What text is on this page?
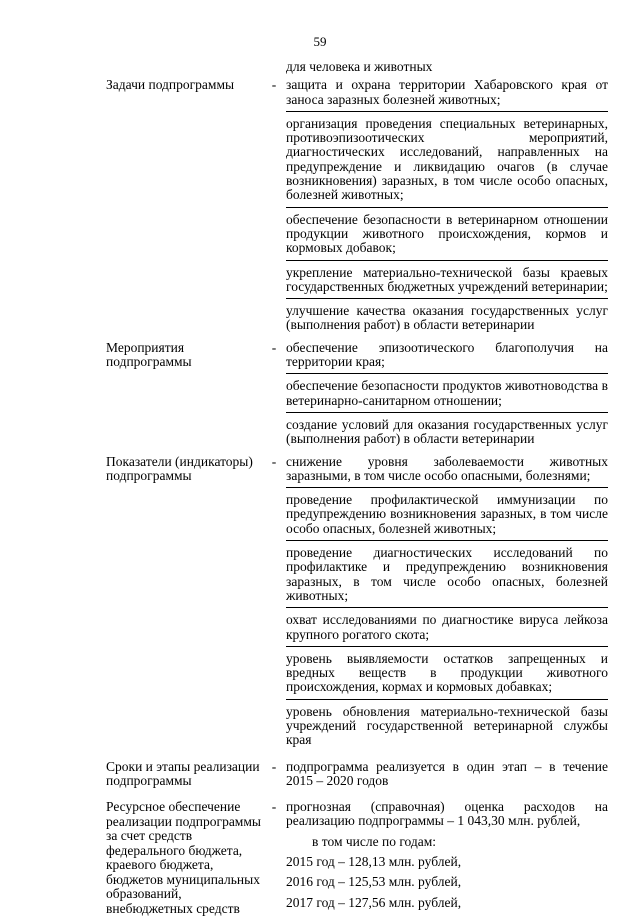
59
для человека и животных
Задачи подпрограммы	- защита и охрана территории Хабаровского края от заноса заразных болезней животных;

организация проведения специальных ветеринарных, противоэпизоотических мероприятий, диагностических исследований, направленных на предупреждение и ликвидацию очагов (в случае возникновения) заразных, в том числе особо опасных, болезней животных;

обеспечение безопасности в ветеринарном отношении продукции животного происхождения, кормов и кормовых добавок;

укрепление материально-технической базы краевых государственных бюджетных учреждений ветеринарии;

улучшение качества оказания государственных услуг (выполнения работ) в области ветеринарии

Мероприятия подпрограммы
- обеспечение эпизоотического благополучия на территории края;

обеспечение безопасности продуктов животноводства в ветеринарно-санитарном отношении;

создание условий для оказания государственных услуг (выполнения работ) в области ветеринарии

Показатели (индикаторы) подпрограммы
- снижение уровня заболеваемости животных заразными, в том числе особо опасными, болезнями;

проведение профилактической иммунизации по предупреждению возникновения заразных, в том числе особо опасных, болезней животных;

проведение диагностических исследований по профилактике и предупреждению возникновения заразных, в том числе особо опасных, болезней животных;

охват исследованиями по диагностике вируса лейкоза крупного рогатого скота;

уровень выявляемости остатков запрещенных и вредных веществ в продукции животного происхождения, кормах и кормовых добавках;

уровень обновления материально-технической базы учреждений государственной ветеринарной службы края

Сроки и этапы реализации подпрограммы
- подпрограмма реализуется в один этап – в течение 2015 – 2020 годов

Ресурсное обеспечение реализации подпрограммы за счет средств федерального бюджета, краевого бюджета, бюджетов муниципальных образований, внебюджетных средств
- прогнозная (справочная) оценка расходов на реализацию подпрограммы – 1 043,30 млн. рублей,

в том числе по годам:

2015 год – 128,13 млн. рублей,

2016 год – 125,53 млн. рублей,

2017 год – 127,56 млн. рублей,
